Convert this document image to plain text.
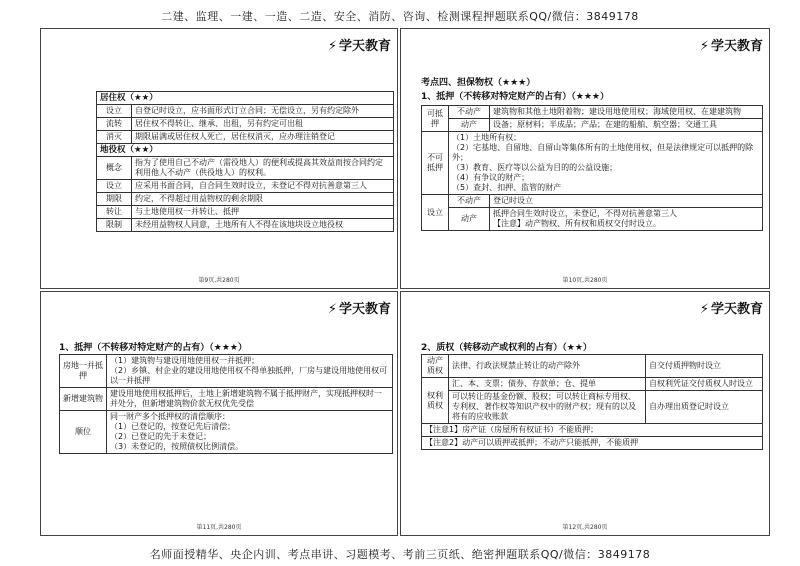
二建、监理、一建、一造、二造、安全、消防、咨询、检测课程押题联系QQ/微信：3849178
⚡ 学天教育
居住权（★★）	
设立	自登记时设立，应书面形式订立合同；无偿设立，另有约定除外
流转	居住权不得转让、继承、出租，另有约定可出租
消灭	期限届满或居住权人死亡，居住权消灭，应办理注销登记
地役权（★★）	
概念	指为了使用自己不动产（需役地人）的便利或提高其效益而按合同约定利用他人不动产（供役地人）的权利。
设立	应采用书面合同，自合同生效时设立，未登记不得对抗善意第三人
期限	约定，不得超过用益物权的剩余期限
转让	与土地使用权一并转让、抵押
限制	未经用益物权人同意，土地所有人不得在该地块设立地役权
第9页,共280页
⚡ 学天教育
考点四、担保物权（★★★）
1、抵押（不转移对特定财产的占有）（★★★）
可抵押	不动产	建筑物和其他土地附着物；建设用地使用权；海域使用权、在建建筑物
	动产	设备；原材料；半成品；产品；在建的船舶、航空器；交通工具
不可抵押	（1）土地所有权；
（2）宅基地、自留地、自留山等集体所有的土地使用权，但是法律规定可以抵押的除外；
（3）教育、医疗等以公益为目的的公益设施；
（4）有争议的财产；
（5）查封、扣押、监管的财产	

设立	不动产	登记时设立
	动产	抵押合同生效时设立，未登记，不得对抗善意第三人
【注意】动产物权、所有权和质权交付时设立。
第10页,共280页
⚡ 学天教育
1、抵押（不转移对特定财产的占有）（★★★）
房地一并抵押	（1）建筑物与建设用地使用权一并抵押；
（2）乡镇、村企业的建设用地使用权不得单独抵押，厂房与建设用地使用权可以一并抵押
新增建筑物	建设用地使用权抵押后，土地上新增建筑物不属于抵押财产，实现抵押权时一并处分，但新增建筑物价款无权优先受偿
顺位	同一财产多个抵押权的清偿顺序：
（1）已登记的，按登记先后清偿；
（2）已登记的先于未登记；
（3）未登记的，按照债权比例清偿。
第11页,共280页
⚡ 学天教育
2、质权（转移动产或权利的占有）（★★）
动产质权	法律、行政法规禁止转让的动产除外	自交付质押物时设立
权利质权	汇、本、支票；债券、存款单；仓、提单	自权利凭证交付质权人时设立
	可以转让的基金份额、股权；可以转让商标专用权、专利权、著作权等知识产权中的财产权；现有的以及将有的应收账款	自办理出质登记时设立
【注意1】房产证（房屋所有权证书）不能质押；		
【注意2】动产可以质押或抵押；不动产只能抵押，不能质押		
第12页,共280页
名师面授精华、央企内训、考点串讲、习题模考、考前三页纸、绝密押题联系QQ/微信：3849178
